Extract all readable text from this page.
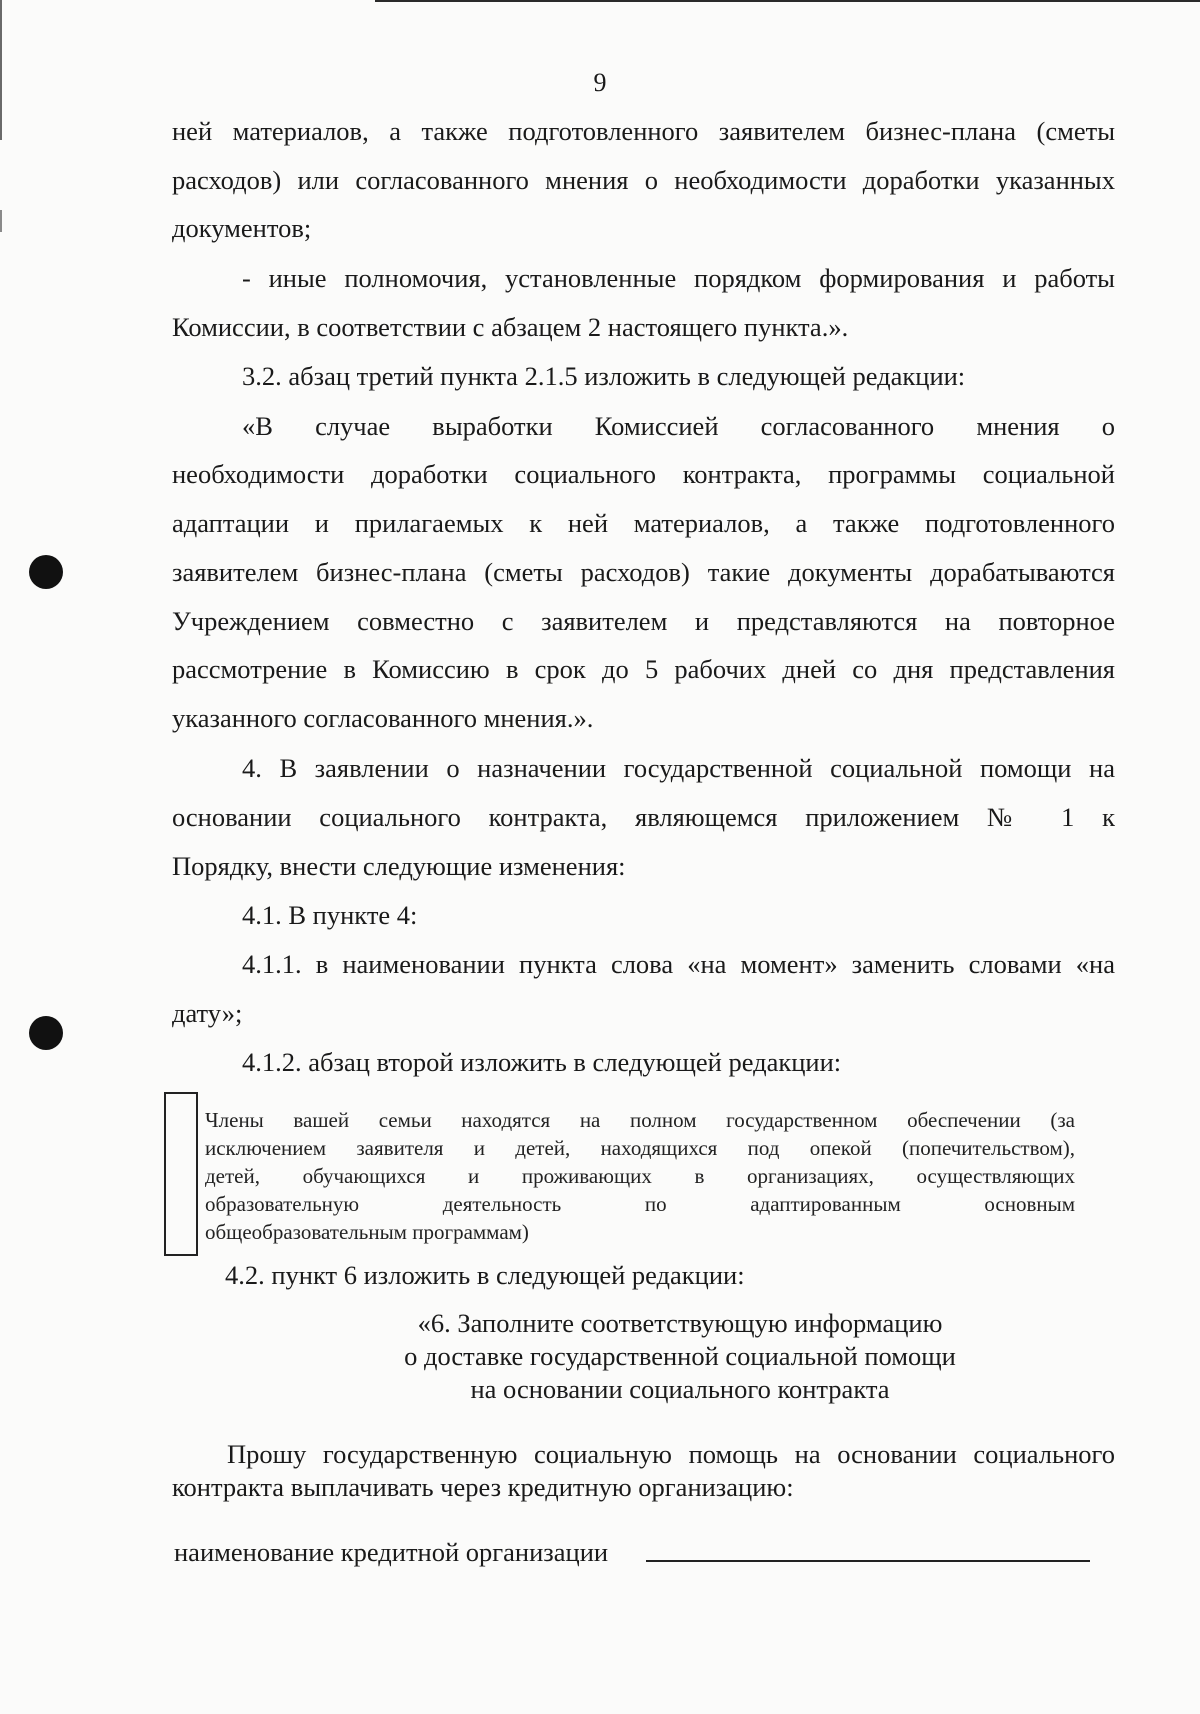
9
ней материалов, а также подготовленного заявителем бизнес-плана (сметы
расходов) или согласованного мнения о необходимости доработки указанных
документов;
- иные полномочия, установленные порядком формирования и работы
Комиссии, в соответствии с абзацем 2 настоящего пункта.».
3.2. абзац третий пункта 2.1.5 изложить в следующей редакции:
«В случае выработки Комиссией согласованного мнения о
необходимости доработки социального контракта, программы социальной
адаптации и прилагаемых к ней материалов, а также подготовленного
заявителем бизнес-плана (сметы расходов) такие документы дорабатываются
Учреждением совместно с заявителем и представляются на повторное
рассмотрение в Комиссию в срок до 5 рабочих дней со дня представления
указанного согласованного мнения.».
4. В заявлении о назначении государственной социальной помощи на
основании социального контракта, являющемся приложением № 1 к
Порядку, внести следующие изменения:
4.1. В пункте 4:
4.1.1. в наименовании пункта слова «на момент» заменить словами «на
дату»;
4.1.2. абзац второй изложить в следующей редакции:
Члены вашей семьи находятся на полном государственном обеспечении (за
исключением заявителя и детей, находящихся под опекой (попечительством),
детей, обучающихся и проживающих в организациях, осуществляющих
образовательную деятельность по адаптированным основным
общеобразовательным программам)
4.2. пункт 6 изложить в следующей редакции:
«6. Заполните соответствующую информацию
о доставке государственной социальной помощи
на основании социального контракта
Прошу государственную социальную помощь на основании социального
контракта выплачивать через кредитную организацию:
наименование кредитной организации
